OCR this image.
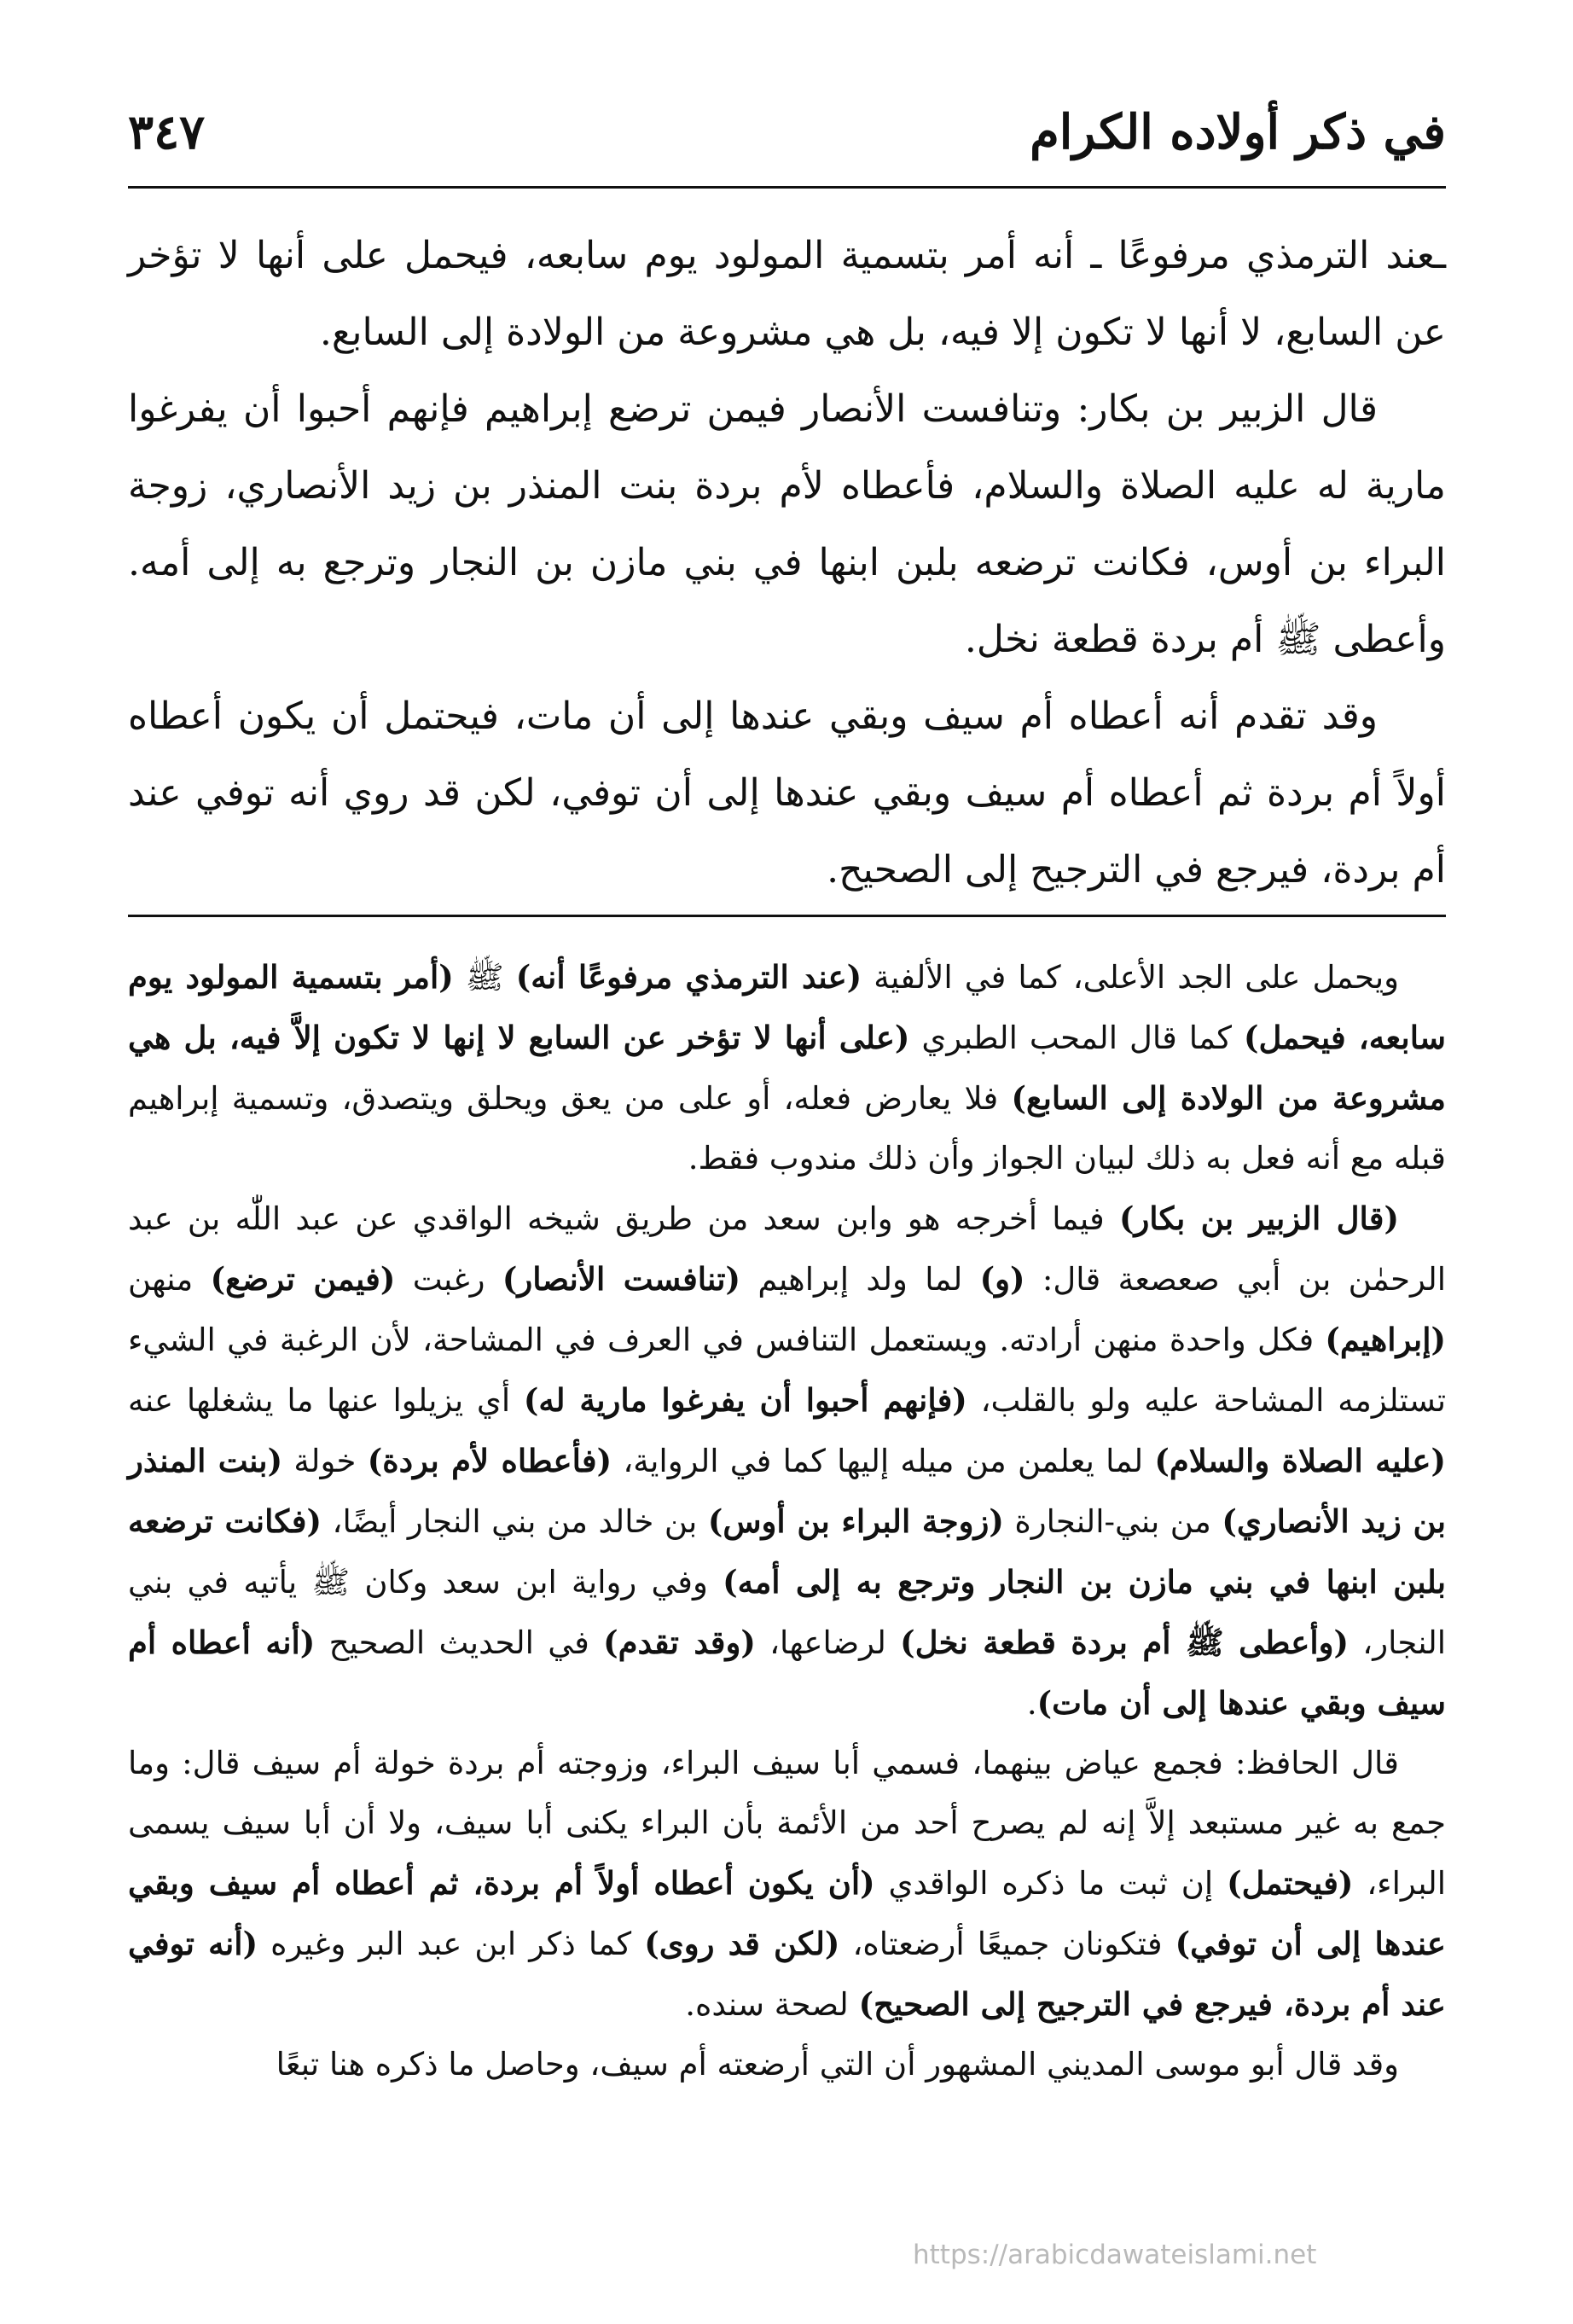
في ذكر أولاده الكرام
٣٤٧

ـعند الترمذي مرفوعًا ـ أنه أمر بتسمية المولود يوم سابعه، فيحمل على أنها لا تؤخر عن السابع، لا أنها لا تكون إلا فيه، بل هي مشروعة من الولادة إلى السابع.

قال الزبير بن بكار: وتنافست الأنصار فيمن ترضع إبراهيم فإنهم أحبوا أن يفرغوا مارية له عليه الصلاة والسلام، فأعطاه لأم بردة بنت المنذر بن زيد الأنصاري، زوجة البراء بن أوس، فكانت ترضعه بلبن ابنها في بني مازن بن النجار وترجع به إلى أمه. وأعطى ﷺ أم بردة قطعة نخل.

وقد تقدم أنه أعطاه أم سيف وبقي عندها إلى أن مات، فيحتمل أن يكون أعطاه أولاً أم بردة ثم أعطاه أم سيف وبقي عندها إلى أن توفي، لكن قد روي أنه توفي عند أم بردة، فيرجع في الترجيح إلى الصحيح.

ويحمل على الجد الأعلى، كما في الألفية (عند الترمذي مرفوعًا أنه) ﷺ (أمر بتسمية المولود يوم سابعه، فيحمل) كما قال المحب الطبري (على أنها لا تؤخر عن السابع لا إنها لا تكون إلاَّ فيه، بل هي مشروعة من الولادة إلى السابع) فلا يعارض فعله، أو على من يعق ويحلق ويتصدق، وتسمية إبراهيم قبله مع أنه فعل به ذلك لبيان الجواز وأن ذلك مندوب فقط.

(قال الزبير بن بكار) فيما أخرجه هو وابن سعد من طريق شيخه الواقدي عن عبد اللّٰه بن عبد الرحمٰن بن أبي صعصعة قال: (و) لما ولد إبراهيم (تنافست الأنصار) رغبت (فيمن ترضع) منهن (إبراهيم) فكل واحدة منهن أرادته. ويستعمل التنافس في العرف في المشاحة، لأن الرغبة في الشيء تستلزمه المشاحة عليه ولو بالقلب، (فإنهم أحبوا أن يفرغوا مارية له) أي يزيلوا عنها ما يشغلها عنه (عليه الصلاة والسلام) لما يعلمن من ميله إليها كما في الرواية، (فأعطاه لأم بردة) خولة (بنت المنذر بن زيد الأنصاري) من بني-النجارة (زوجة البراء بن أوس) بن خالد من بني النجار أيضًا، (فكانت ترضعه بلبن ابنها في بني مازن بن النجار وترجع به إلى أمه) وفي رواية ابن سعد وكان ﷺ يأتيه في بني النجار، (وأعطى ﷺ أم بردة قطعة نخل) لرضاعها، (وقد تقدم) في الحديث الصحيح (أنه أعطاه أم سيف وبقي عندها إلى أن مات).

قال الحافظ: فجمع عياض بينهما، فسمي أبا سيف البراء، وزوجته أم بردة خولة أم سيف قال: وما جمع به غير مستبعد إلاَّ إنه لم يصرح أحد من الأئمة بأن البراء يكنى أبا سيف، ولا أن أبا سيف يسمى البراء، (فيحتمل) إن ثبت ما ذكره الواقدي (أن يكون أعطاه أولاً أم بردة، ثم أعطاه أم سيف وبقي عندها إلى أن توفي) فتكونان جميعًا أرضعتاه، (لكن قد روى) كما ذكر ابن عبد البر وغيره (أنه توفي عند أم بردة، فيرجع في الترجيح إلى الصحيح) لصحة سنده.

وقد قال أبو موسى المديني المشهور أن التي أرضعته أم سيف، وحاصل ما ذكره هنا تبعًا

https://arabicdawateislami.net
